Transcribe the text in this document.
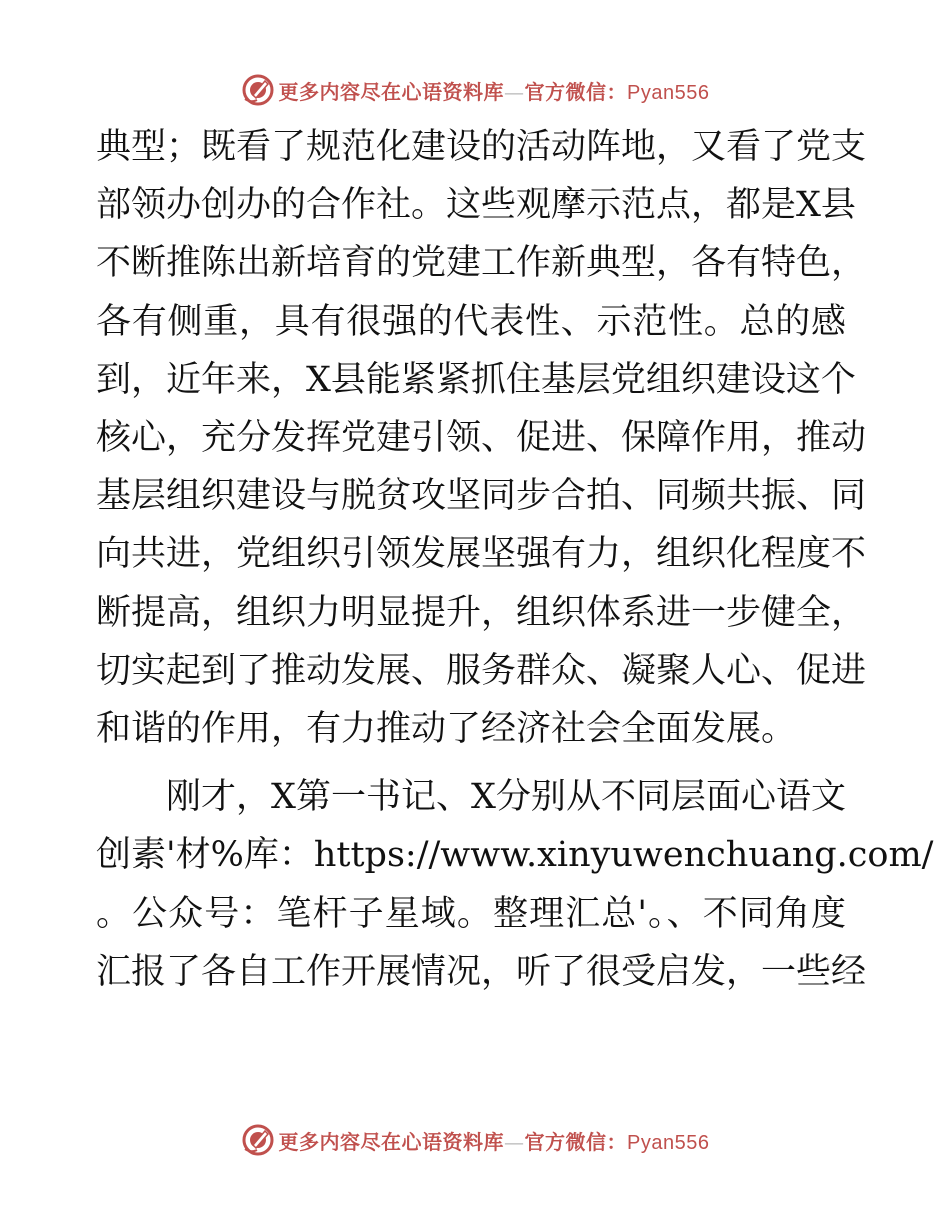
更多内容尽在心语资料库—官方微信：Pyan556

典型；既看了规范化建设的活动阵地，又看了党支
部领办创办的合作社。这些观摩示范点，都是X县
不断推陈出新培育的党建工作新典型，各有特色，
各有侧重，具有很强的代表性、示范性。总的感
到，近年来，X县能紧紧抓住基层党组织建设这个
核心，充分发挥党建引领、促进、保障作用，推动
基层组织建设与脱贫攻坚同步合拍、同频共振、同
向共进，党组织引领发展坚强有力，组织化程度不
断提高，组织力明显提升，组织体系进一步健全，
切实起到了推动发展、服务群众、凝聚人心、促进
和谐的作用，有力推动了经济社会全面发展。

　　刚才，X第一书记、X分别从不同层面心语文
创素'材%库：https://www.xinyuwenchuang.com/
。公众号：笔杆子星域。整理汇总'。、不同角度
汇报了各自工作开展情况，听了很受启发，一些经

更多内容尽在心语资料库—官方微信：Pyan556
